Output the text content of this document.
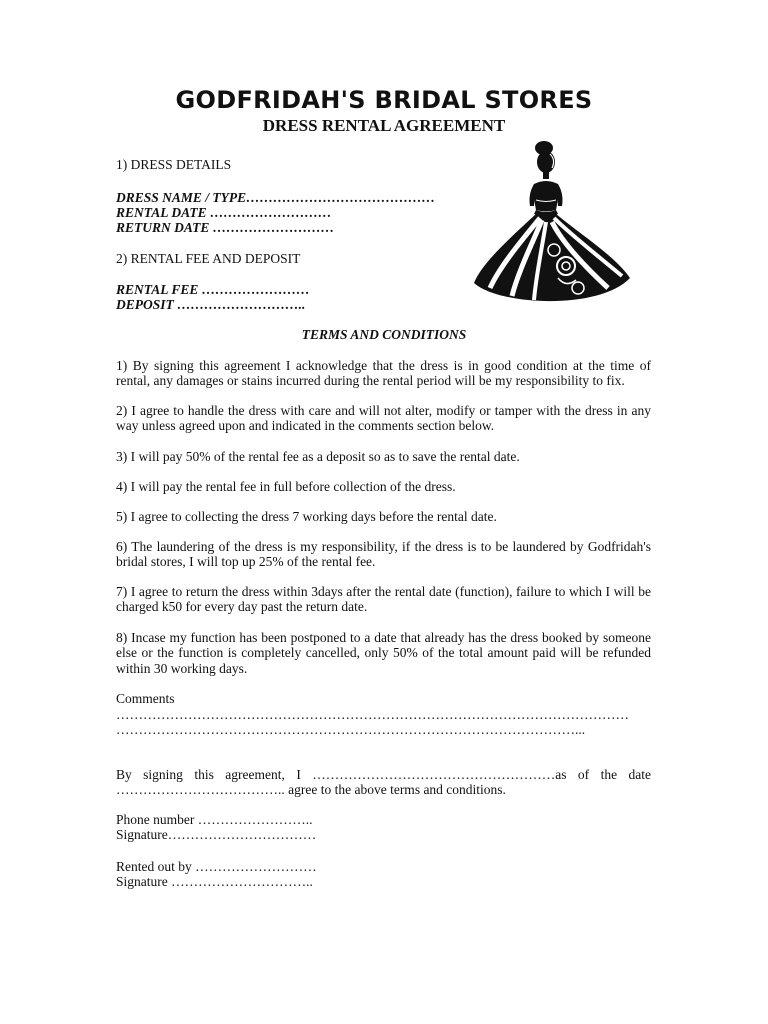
GODFRIDAH'S BRIDAL STORES
DRESS RENTAL AGREEMENT
1) DRESS DETAILS
DRESS NAME / TYPE……………………………………
RENTAL DATE ………………………
RETURN DATE ………………………
2) RENTAL FEE AND DEPOSIT
RENTAL FEE ……………………
DEPOSIT ………………………..
TERMS AND CONDITIONS
1) By signing this agreement I acknowledge that the dress is in good condition at the time of rental, any damages or stains incurred during the rental period will be my responsibility to fix.
2) I agree to handle the dress with care and will not alter, modify or tamper with the dress in any way unless agreed upon and indicated in the comments section below.
3) I will pay 50% of the rental fee as a deposit so as to save the rental date.
4) I will pay the rental fee in full before collection of the dress.
5) I agree to collecting the dress 7 working days before the rental date.
6) The laundering of the dress is my responsibility, if the dress is to be laundered by Godfridah's bridal stores, I will top up 25% of the rental fee.
7) I agree to return the dress within 3days after the rental date (function), failure to which I will be charged k50 for every day past the return date.
8) Incase my function has been postponed to a date that already has the dress booked by someone else or the function is completely cancelled, only 50% of the total amount paid will be refunded within 30 working days.
Comments
……………………………………………………………………………………………………
…………………………………………………………………………………………...
By signing this agreement, I ………………………………………………as of the date ……………………………….. agree to the above terms and conditions.
Phone number ……………………..
Signature……………………………
Rented out by ………………………
Signature …………………………..
